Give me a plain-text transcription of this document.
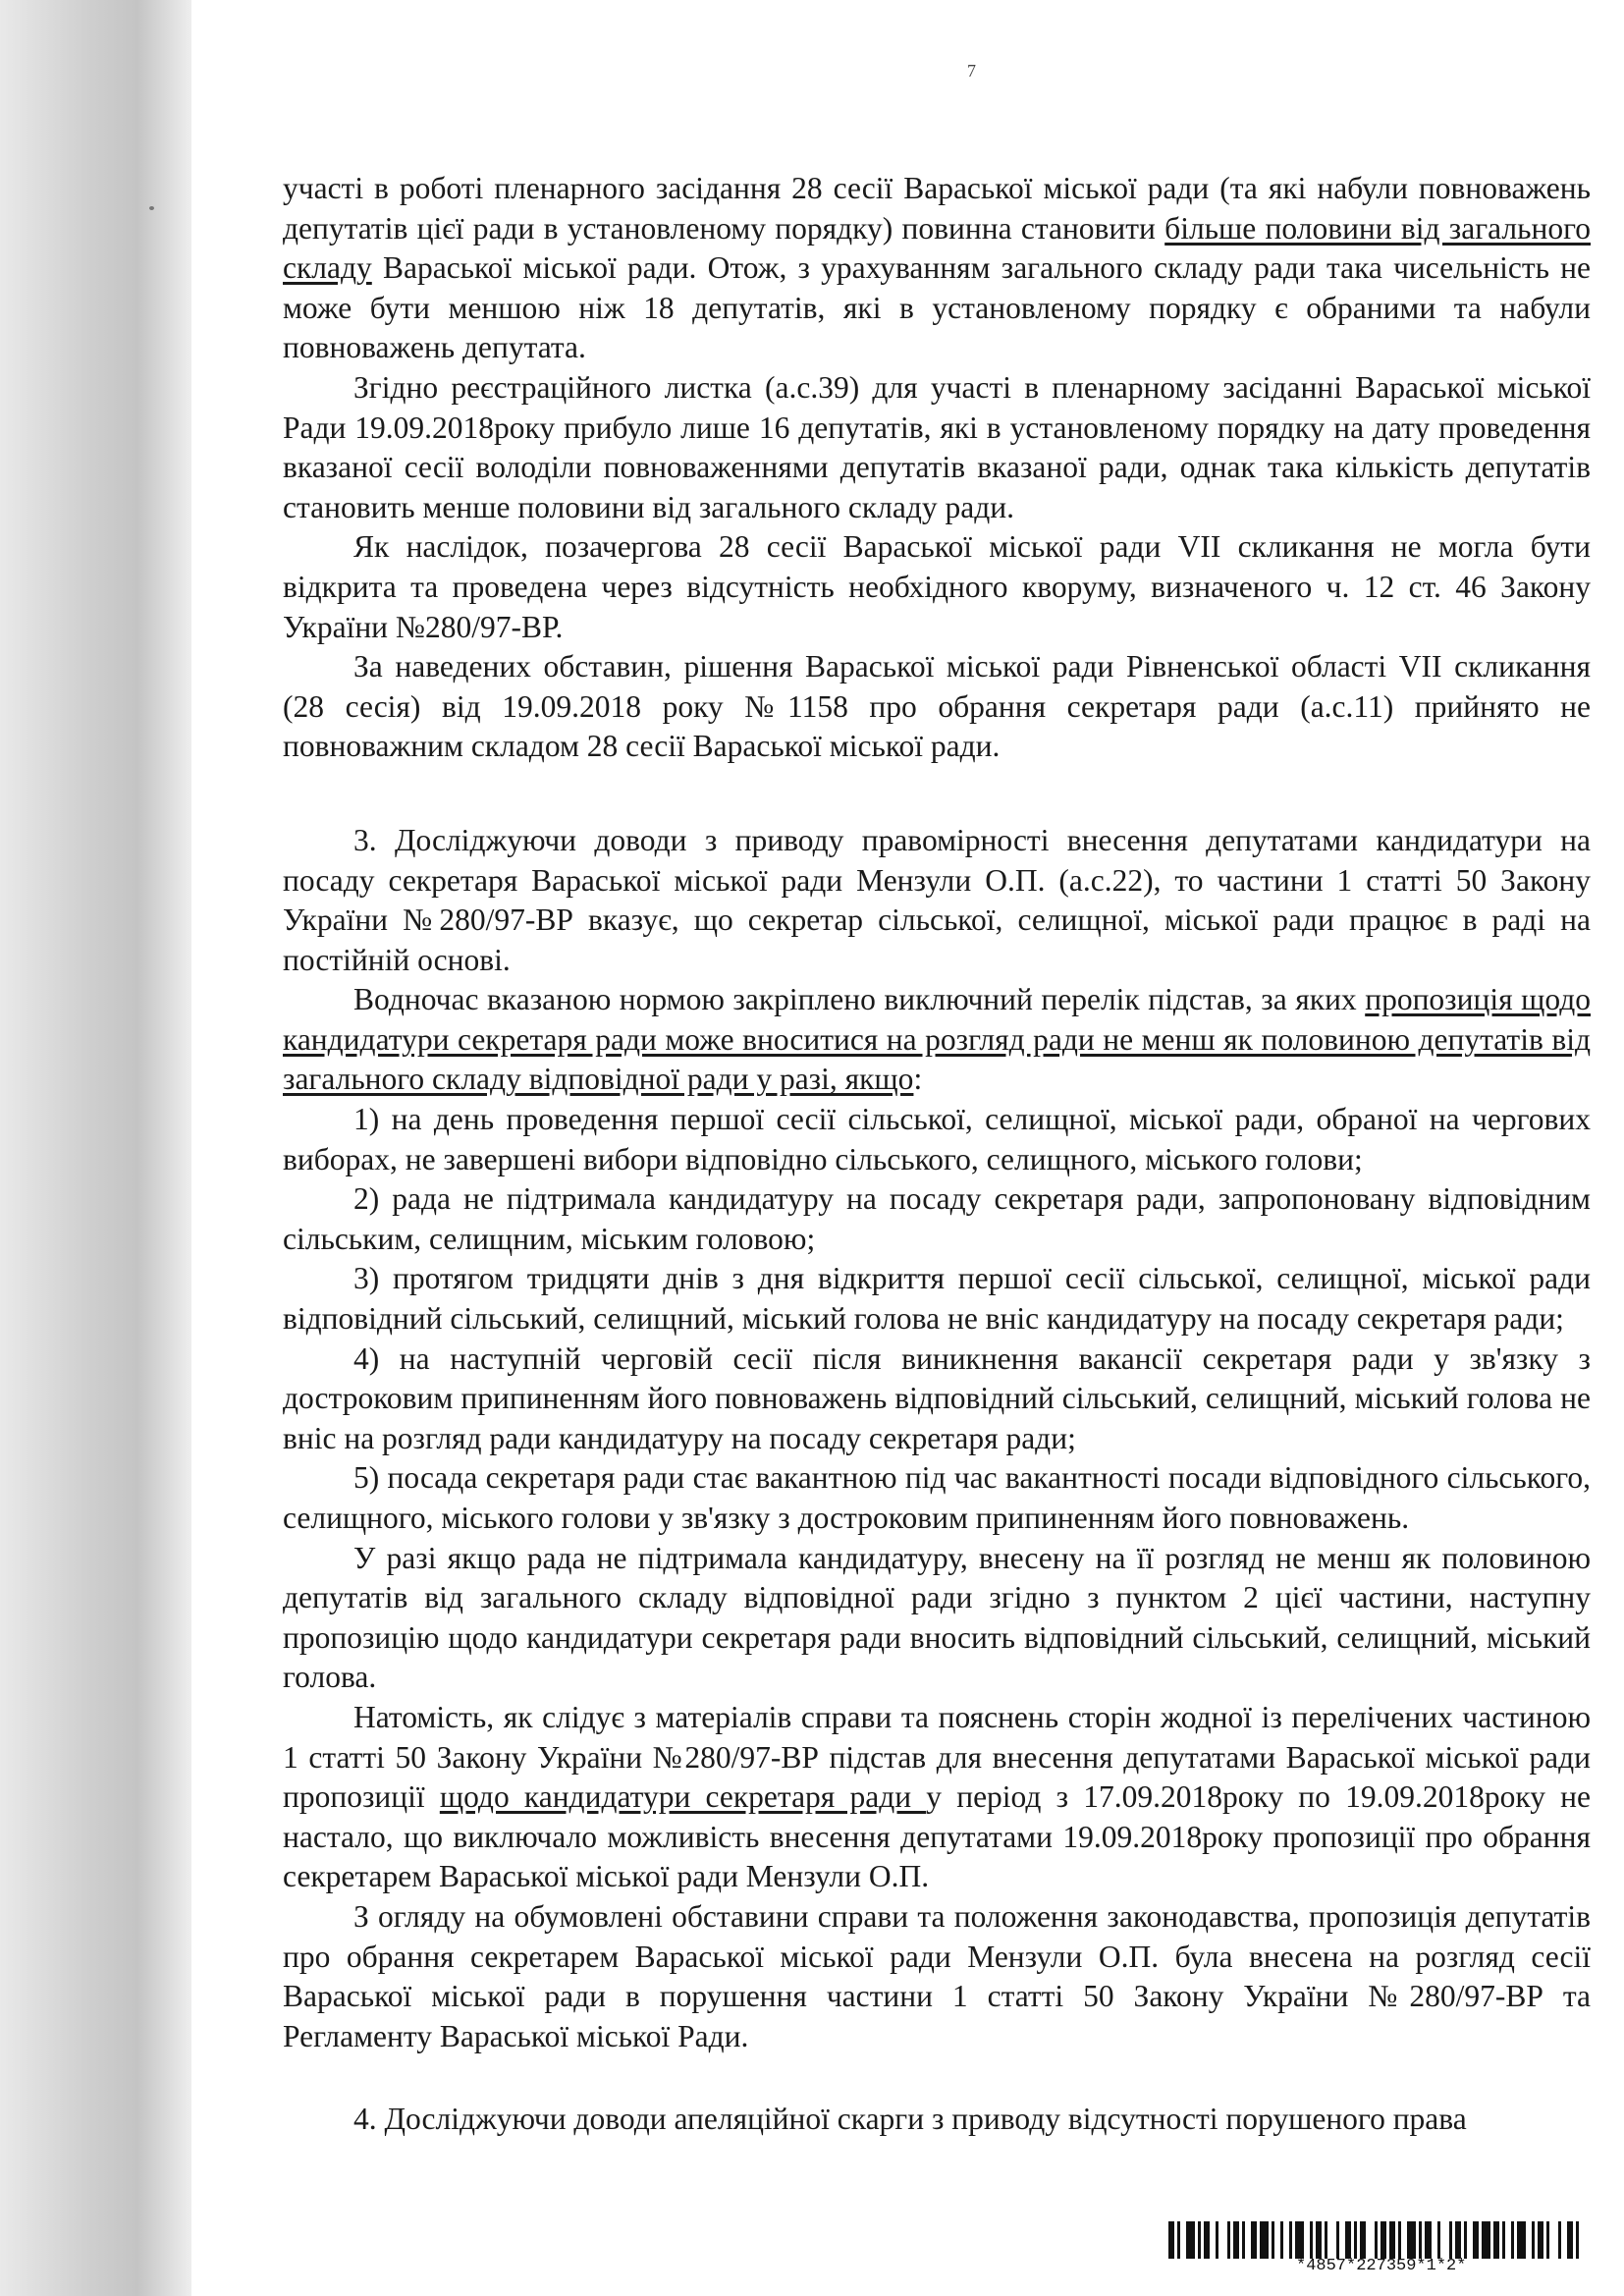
7

участі в роботі пленарного засідання 28 сесії Вараської міської ради (та які набули повноважень депутатів цієї ради в установленому порядку) повинна становити більше половини від загального складу Вараської міської ради. Отож, з урахуванням загального складу ради така чисельність не може бути меншою ніж 18 депутатів, які в установленому порядку є обраними та набули повноважень депутата.

Згідно реєстраційного листка (а.с.39) для участі в пленарному засіданні Вараської міської Ради 19.09.2018року прибуло лише 16 депутатів, які в установленому порядку на дату проведення вказаної сесії володіли повноваженнями депутатів вказаної ради, однак така кількість депутатів становить менше половини від загального складу ради.

Як наслідок, позачергова 28 сесії Вараської міської ради VII скликання не могла бути відкрита та проведена через відсутність необхідного кворуму, визначеного ч. 12 ст. 46 Закону України №280/97-ВР.

За наведених обставин, рішення Вараської міської ради Рівненської області VII скликання (28 сесія) від 19.09.2018 року №1158 про обрання секретаря ради (а.с.11) прийнято не повноважним складом 28 сесії Вараської міської ради.

3. Досліджуючи доводи з приводу правомірності внесення депутатами кандидатури на посаду секретаря Вараської міської ради Мензули О.П. (а.с.22), то частини 1 статті 50 Закону України №280/97-ВР вказує, що секретар сільської, селищної, міської ради працює в раді на постійній основі.

Водночас вказаною нормою закріплено виключний перелік підстав, за яких пропозиція щодо кандидатури секретаря ради може вноситися на розгляд ради не менш як половиною депутатів від загального складу відповідної ради у разі, якщо:

1) на день проведення першої сесії сільської, селищної, міської ради, обраної на чергових виборах, не завершені вибори відповідно сільського, селищного, міського голови;

2) рада не підтримала кандидатуру на посаду секретаря ради, запропоновану відповідним сільським, селищним, міським головою;

3) протягом тридцяти днів з дня відкриття першої сесії сільської, селищної, міської ради відповідний сільський, селищний, міський голова не вніс кандидатуру на посаду секретаря ради;

4) на наступній черговій сесії після виникнення вакансії секретаря ради у зв'язку з достроковим припиненням його повноважень відповідний сільський, селищний, міський голова не вніс на розгляд ради кандидатуру на посаду секретаря ради;

5) посада секретаря ради стає вакантною під час вакантності посади відповідного сільського, селищного, міського голови у зв'язку з достроковим припиненням його повноважень.

У разі якщо рада не підтримала кандидатуру, внесену на її розгляд не менш як половиною депутатів від загального складу відповідної ради згідно з пунктом 2 цієї частини, наступну пропозицію щодо кандидатури секретаря ради вносить відповідний сільський, селищний, міський голова.

Натомість, як слідує з матеріалів справи та пояснень сторін жодної із перелічених частиною 1 статті 50 Закону України №280/97-ВР підстав для внесення депутатами Вараської міської ради пропозиції щодо кандидатури секретаря ради у період з 17.09.2018року по 19.09.2018року не настало, що виключало можливість внесення депутатами 19.09.2018року пропозиції про обрання секретарем Вараської міської ради Мензули О.П.

З огляду на обумовлені обставини справи та положення законодавства, пропозиція депутатів про обрання секретарем Вараської міської ради Мензули О.П. була внесена на розгляд сесії Вараської міської ради в порушення частини 1 статті 50 Закону України №280/97-ВР та Регламенту Вараської міської Ради.

4. Досліджуючи доводи апеляційної скарги з приводу відсутності порушеного права

*4857*227359*1*2*
